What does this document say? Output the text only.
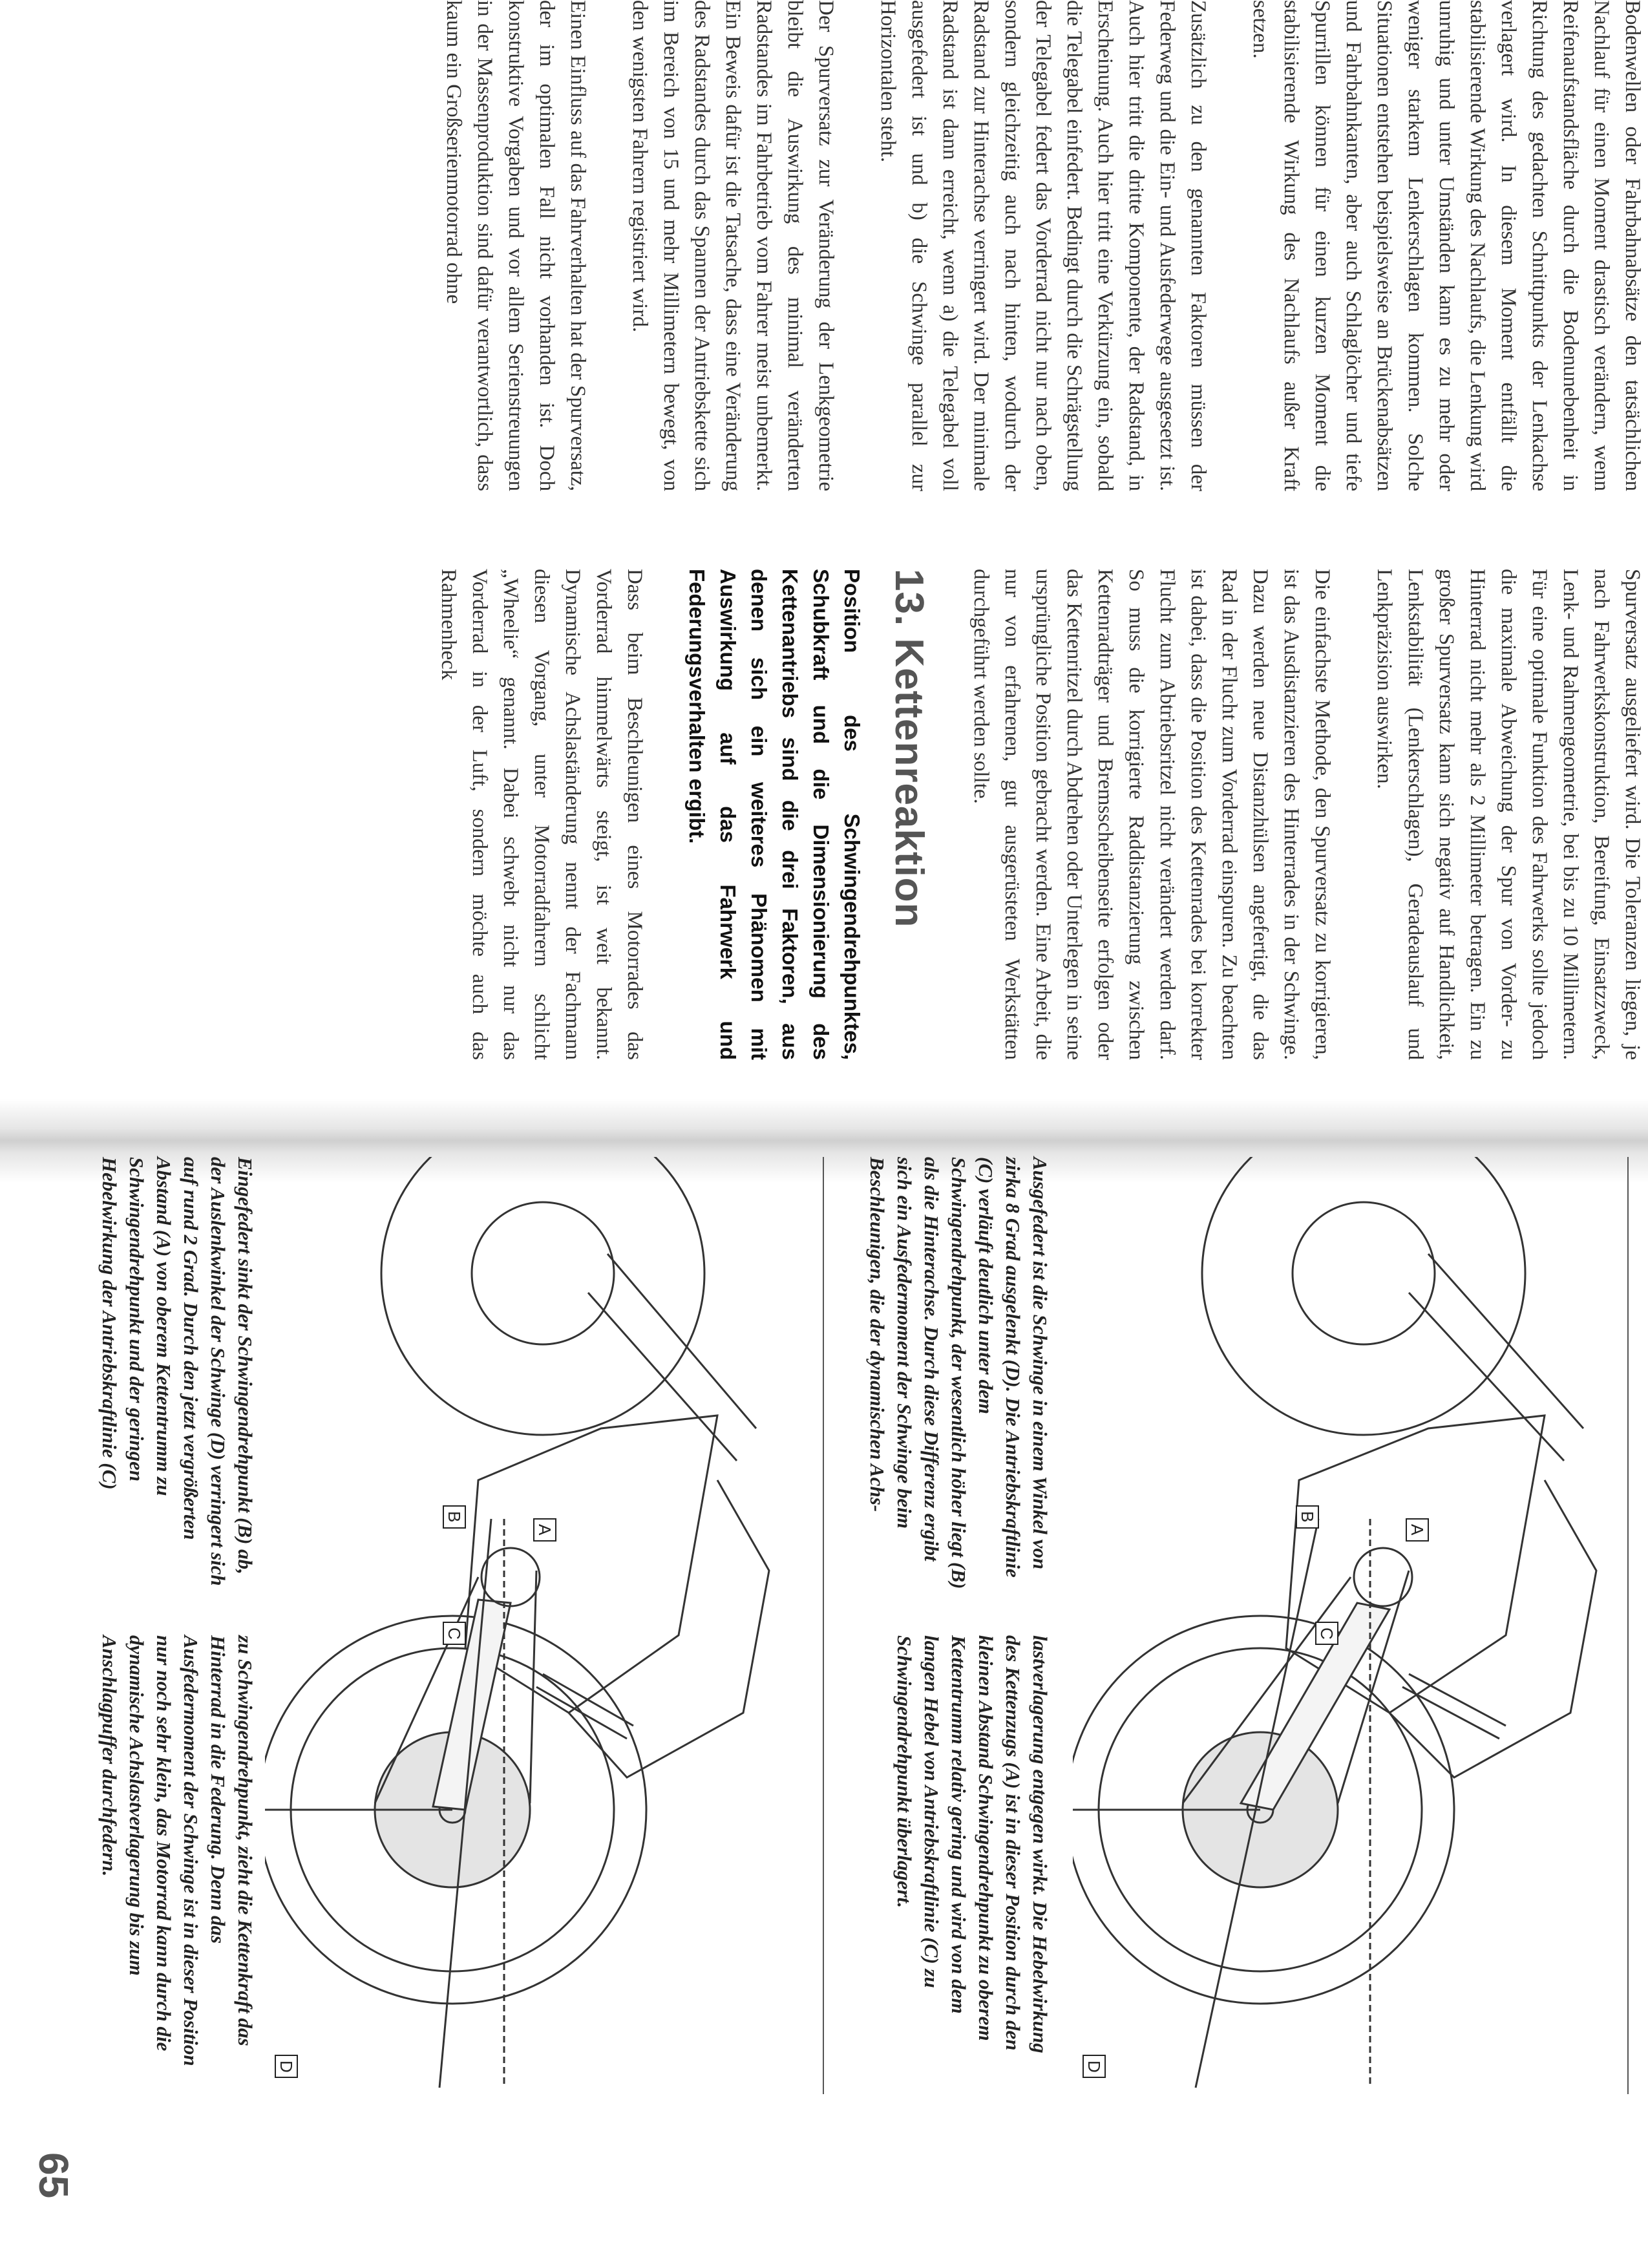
Bodenwellen oder Fahrbahnabsätze den tatsächlichen Nachlauf für einen Moment drastisch verändern, wenn Reifenaufstandsfläche durch die Bodenunebenheit in Richtung des gedachten Schnittpunkts der Lenkachse verlagert wird. In diesem Moment entfällt die stabilisierende Wirkung des Nachlaufs, die Lenkung wird unruhig und unter Umständen kann es zu mehr oder weniger starkem Lenkerschlagen kommen. Solche Situationen entstehen beispielsweise an Brückenabsätzen und Fahrbahnkanten, aber auch Schlaglöcher und tiefe Spurrillen können für einen kurzen Moment die stabilisierende Wirkung des Nachlaufs außer Kraft setzen.

Zusätzlich zu den genannten Faktoren müssen der Federweg und die Ein- und Ausfederwege ausgesetzt ist. Auch hier tritt die dritte Komponente, der Radstand, in Erscheinung. Auch hier tritt eine Verkürzung ein, sobald die Telegabel einfedert. Bedingt durch die Schrägstellung der Telegabel federt das Vorderrad nicht nur nach oben, sondern gleichzeitig auch nach hinten, wodurch der Radstand zur Hinterachse verringert wird. Der minimale Radstand ist dann erreicht, wenn a) die Telegabel voll ausgefedert ist und b) die Schwinge parallel zur Horizontalen steht.

Der Spurversatz zur Veränderung der Lenkgeometrie bleibt die Auswirkung des minimal veränderten Radstandes im Fahrbetrieb vom Fahrer meist unbemerkt. Ein Beweis dafür ist die Tatsache, dass eine Veränderung des Radstandes durch das Spannen der Antriebskette sich im Bereich von 15 und mehr Millimetern bewegt, von den wenigsten Fahrern registriert wird.

Einen Einfluss auf das Fahrverhalten hat der Spurversatz, der im optimalen Fall nicht vorhanden ist. Doch konstruktive Vorgaben und vor allem Serienstreuungen in der Massenproduktion sind dafür verantwortlich, dass kaum ein Großserienmotorrad ohne

Spurversatz ausgeliefert wird. Die Toleranzen liegen, je nach Fahrwerkskonstruktion, Bereifung, Einsatzzweck, Lenk- und Rahmengeometrie, bei bis zu 10 Millimetern. Für eine optimale Funktion des Fahrwerks sollte jedoch die maximale Abweichung der Spur von Vorder- zu Hinterrad nicht mehr als 2 Millimeter betragen. Ein zu großer Spurversatz kann sich negativ auf Handlichkeit, Lenkstabilität (Lenkerschlagen), Geradeauslauf und Lenkpräzision auswirken.

Die einfachste Methode, den Spurversatz zu korrigieren, ist das Ausdistanzieren des Hinterrades in der Schwinge. Dazu werden neue Distanzhülsen angefertigt, die das Rad in der Flucht zum Vorderrad einspuren. Zu beachten ist dabei, dass die Position des Kettenrades bei korrekter Flucht zum Abtriebsritzel nicht verändert werden darf. So muss die korrigierte Raddistanzierung zwischen Kettenradträger und Bremsscheibenseite erfolgen oder das Kettenritzel durch Abdrehen oder Unterlegen in seine ursprüngliche Position gebracht werden. Eine Arbeit, die nur von erfahrenen, gut ausgerüsteten Werkstätten durchgeführt werden sollte.

13. Kettenreaktion

Position des Schwingendrehpunktes, Schubkraft und die Dimensionierung des Kettenantriebs sind die drei Faktoren, aus denen sich ein weiteres Phänomen mit Auswirkung auf das Fahrwerk und Federungsverhalten ergibt.

Dass beim Beschleunigen eines Motorrades das Vorderrad himmelwärts steigt, ist weit bekannt. Dynamische Achslaständerung nennt der Fachmann diesen Vorgang, unter Motorradfahrern schlicht „Wheelie“ genannt. Dabei schwebt nicht nur das Vorderrad in der Luft, sondern möchte auch das Rahmenheck

A
B
C
D
Ausgefedert ist die Schwinge in einem Winkel von zirka 8 Grad ausgelenkt (D). Die Antriebskraftlinie (C) verläuft deutlich unter dem Schwingendrehpunkt, der wesentlich höher liegt (B) als die Hinterachse. Durch diese Differenz ergibt sich ein Ausfedermoment der Schwinge beim Beschleunigen, die der dynamischen Achs-
lastverlagerung entgegen wirkt. Die Hebelwirkung des Kettenzugs (A) ist in dieser Position durch den kleinen Abstand Schwingendrehpunkt zu oberem Kettentrumm relativ gering und wird von dem langen Hebel von Antriebskraftlinie (C) zu Schwingendrehpunkt überlagert.
A
B
C
D
Eingefedert sinkt der Schwingendrehpunkt (B) ab, der Auslenkwinkel der Schwinge (D) verringert sich auf rund 2 Grad. Durch den jetzt vergrößerten Abstand (A) von oberem Kettentrumm zu Schwingendrehpunkt und der geringen Hebelwirkung der Antriebskraftlinie (C)
zu Schwingendrehpunkt, zieht die Kettenkraft das Hinterrad in die Federung. Denn das Ausfedermoment der Schwinge ist in dieser Position nur noch sehr klein, das Motorrad kann durch die dynamische Achslastverlagerung bis zum Anschlagpuffer durchfedern.
65
